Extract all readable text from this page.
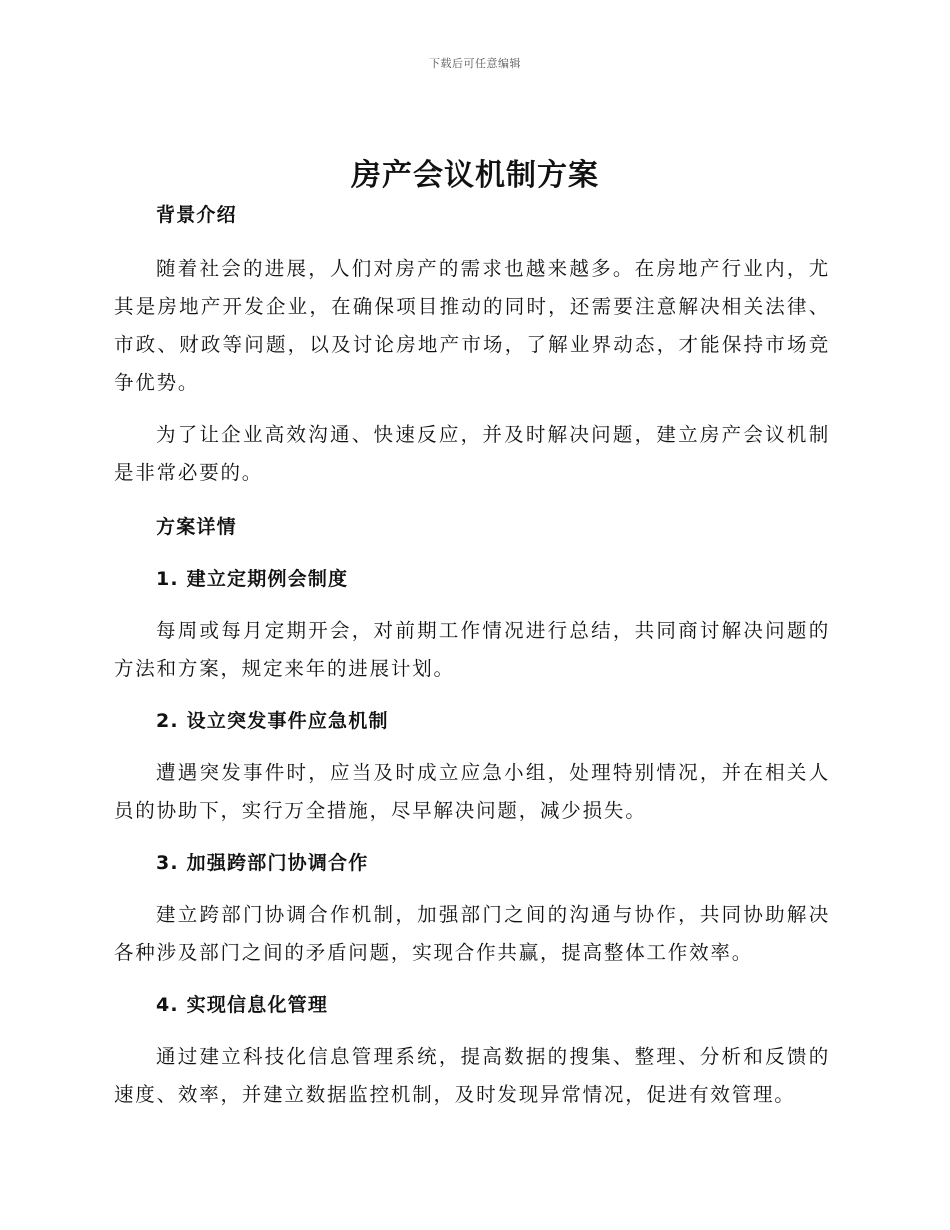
下载后可任意编辑
房产会议机制方案

背景介绍

随着社会的进展，人们对房产的需求也越来越多。在房地产行业内，尤其是房地产开发企业，在确保项目推动的同时，还需要注意解决相关法律、市政、财政等问题，以及讨论房地产市场，了解业界动态，才能保持市场竞争优势。

为了让企业高效沟通、快速反应，并及时解决问题，建立房产会议机制是非常必要的。

方案详情

1. 建立定期例会制度

每周或每月定期开会，对前期工作情况进行总结，共同商讨解决问题的方法和方案，规定来年的进展计划。

2. 设立突发事件应急机制

遭遇突发事件时，应当及时成立应急小组，处理特别情况，并在相关人员的协助下，实行万全措施，尽早解决问题，减少损失。

3. 加强跨部门协调合作

建立跨部门协调合作机制，加强部门之间的沟通与协作，共同协助解决各种涉及部门之间的矛盾问题，实现合作共赢，提高整体工作效率。

4. 实现信息化管理

通过建立科技化信息管理系统，提高数据的搜集、整理、分析和反馈的速度、效率，并建立数据监控机制，及时发现异常情况，促进有效管理。
